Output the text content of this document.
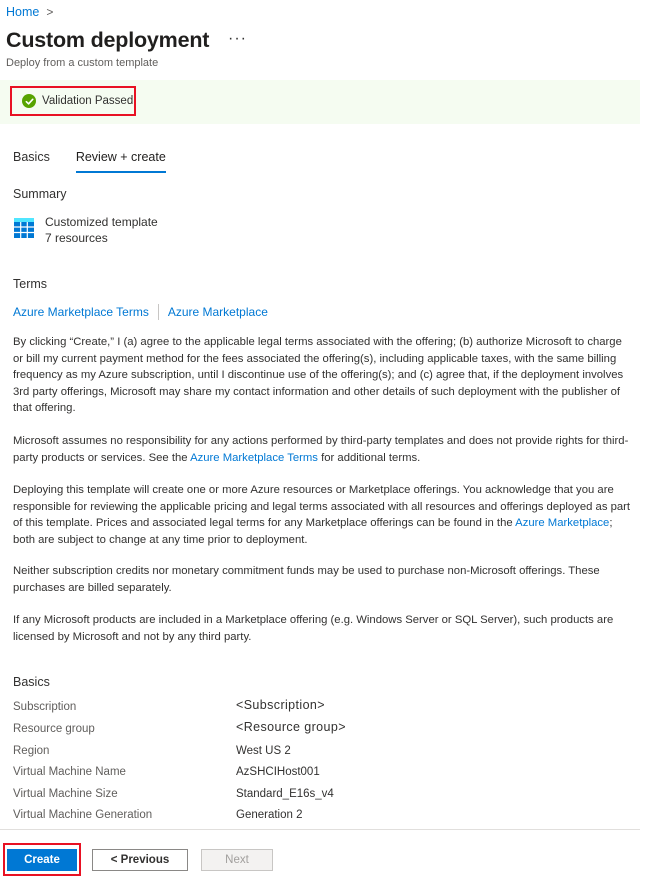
Home >
Custom deployment ···
Deploy from a custom template
Validation Passed
Basics Review + create
Summary
Customized template
7 resources
Terms
Azure Marketplace Terms Azure Marketplace
By clicking “Create,” I (a) agree to the applicable legal terms associated with the offering; (b) authorize Microsoft to charge or bill my current payment method for the fees associated the offering(s), including applicable taxes, with the same billing frequency as my Azure subscription, until I discontinue use of the offering(s); and (c) agree that, if the deployment involves 3rd party offerings, Microsoft may share my contact information and other details of such deployment with the publisher of that offering.
Microsoft assumes no responsibility for any actions performed by third-party templates and does not provide rights for third-party products or services. See the Azure Marketplace Terms for additional terms.
Deploying this template will create one or more Azure resources or Marketplace offerings. You acknowledge that you are responsible for reviewing the applicable pricing and legal terms associated with all resources and offerings deployed as part of this template. Prices and associated legal terms for any Marketplace offerings can be found in the Azure Marketplace; both are subject to change at any time prior to deployment.
Neither subscription credits nor monetary commitment funds may be used to purchase non-Microsoft offerings. These purchases are billed separately.
If any Microsoft products are included in a Marketplace offering (e.g. Windows Server or SQL Server), such products are licensed by Microsoft and not by any third party.
Basics
Subscription	<Subscription>
Resource group	<Resource group>
Region	West US 2
Virtual Machine Name	AzSHCIHost001
Virtual Machine Size	Standard_E16s_v4
Virtual Machine Generation	Generation 2
Create	< Previous	Next
